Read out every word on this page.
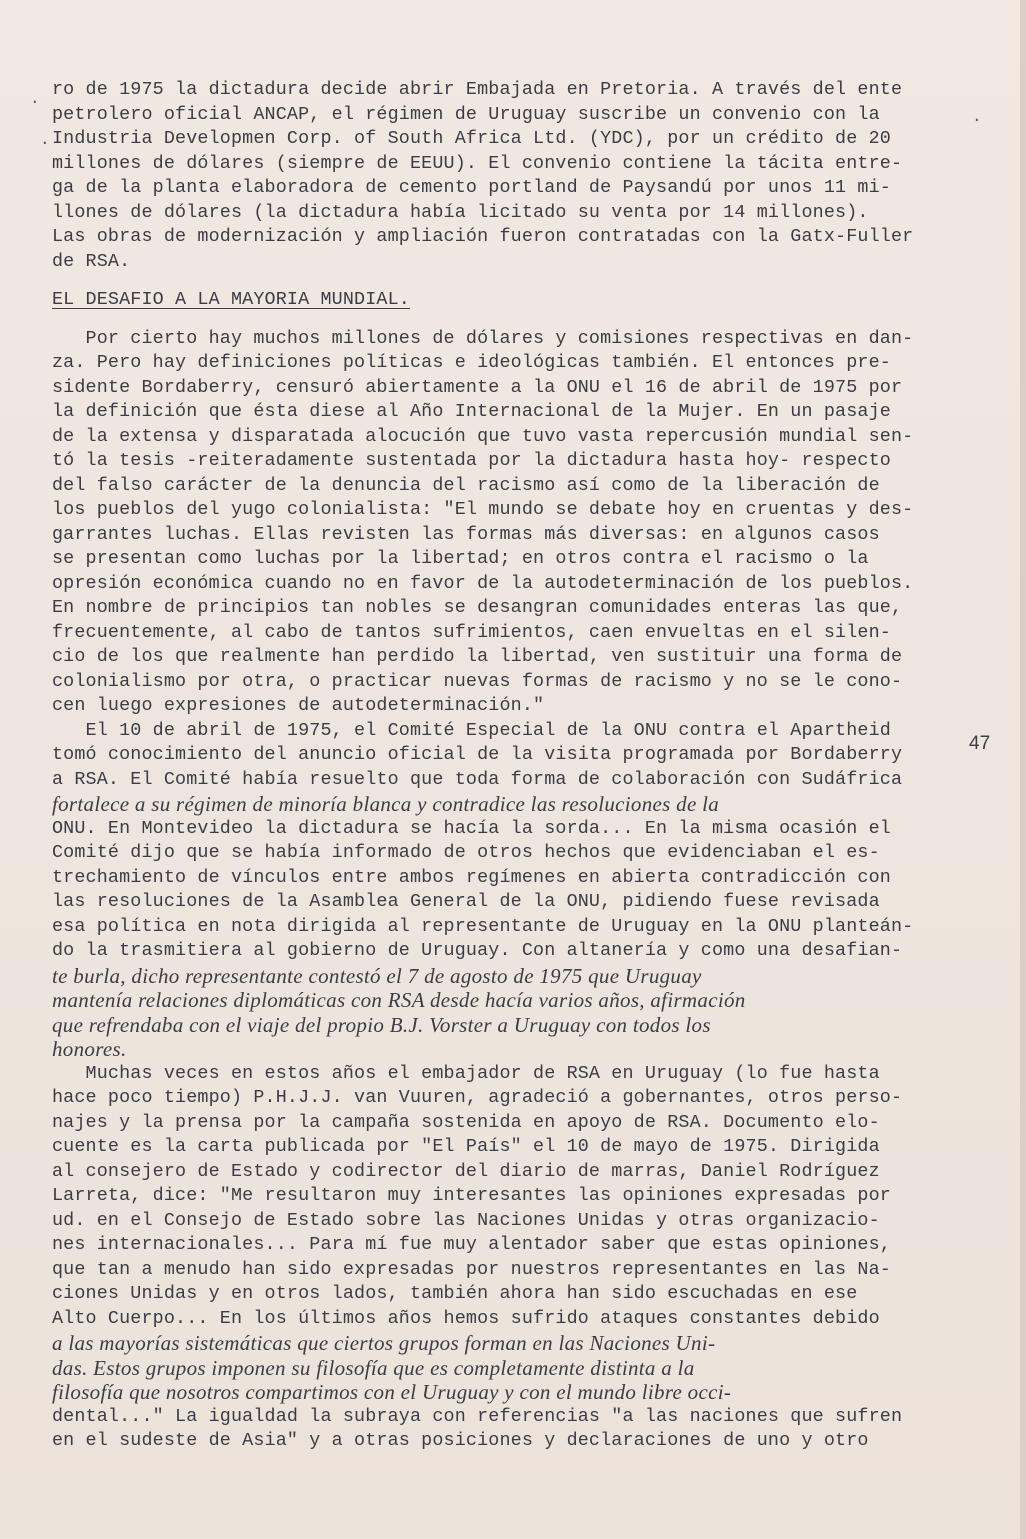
.
·
.
47
ro de 1975 la dictadura decide abrir Embajada en Pretoria. A través del ente
petrolero oficial ANCAP, el régimen de Uruguay suscribe un convenio con la
Industria Developmen Corp. of South Africa Ltd. (YDC), por un crédito de 20
millones de dólares (siempre de EEUU). El convenio contiene la tácita entre-
ga de la planta elaboradora de cemento portland de Paysandú por unos 11 mi-
llones de dólares (la dictadura había licitado su venta por 14 millones).
Las obras de modernización y ampliación fueron contratadas con la Gatx-Fuller
de RSA.
EL DESAFIO A LA MAYORIA MUNDIAL.
Por cierto hay muchos millones de dólares y comisiones respectivas en dan-
za. Pero hay definiciones políticas e ideológicas también. El entonces pre-
sidente Bordaberry, censuró abiertamente a la ONU el 16 de abril de 1975 por
la definición que ésta diese al Año Internacional de la Mujer. En un pasaje
de la extensa y disparatada alocución que tuvo vasta repercusión mundial sen-
tó la tesis -reiteradamente sustentada por la dictadura hasta hoy- respecto
del falso carácter de la denuncia del racismo así como de la liberación de
los pueblos del yugo colonialista: "El mundo se debate hoy en cruentas y des-
garrantes luchas. Ellas revisten las formas más diversas: en algunos casos
se presentan como luchas por la libertad; en otros contra el racismo o la
opresión económica cuando no en favor de la autodeterminación de los pueblos.
En nombre de principios tan nobles se desangran comunidades enteras las que,
frecuentemente, al cabo de tantos sufrimientos, caen envueltas en el silen-
cio de los que realmente han perdido la libertad, ven sustituir una forma de
colonialismo por otra, o practicar nuevas formas de racismo y no se le cono-
cen luego expresiones de autodeterminación."
El 10 de abril de 1975, el Comité Especial de la ONU contra el Apartheid
tomó conocimiento del anuncio oficial de la visita programada por Bordaberry
a RSA. El Comité había resuelto que toda forma de colaboración con Sudáfrica
fortalece a su régimen de minoría blanca y contradice las resoluciones de la
ONU. En Montevideo la dictadura se hacía la sorda... En la misma ocasión el
Comité dijo que se había informado de otros hechos que evidenciaban el es-
trechamiento de vínculos entre ambos regímenes en abierta contradicción con
las resoluciones de la Asamblea General de la ONU, pidiendo fuese revisada
esa política en nota dirigida al representante de Uruguay en la ONU planteán-
do la trasmitiera al gobierno de Uruguay. Con altanería y como una desafian-
te burla, dicho representante contestó el 7 de agosto de 1975 que Uruguay
mantenía relaciones diplomáticas con RSA desde hacía varios años, afirmación
que refrendaba con el viaje del propio B.J. Vorster a Uruguay con todos los
honores.
Muchas veces en estos años el embajador de RSA en Uruguay (lo fue hasta
hace poco tiempo) P.H.J.J. van Vuuren, agradeció a gobernantes, otros perso-
najes y la prensa por la campaña sostenida en apoyo de RSA. Documento elo-
cuente es la carta publicada por "El País" el 10 de mayo de 1975. Dirigida
al consejero de Estado y codirector del diario de marras, Daniel Rodríguez
Larreta, dice: "Me resultaron muy interesantes las opiniones expresadas por
ud. en el Consejo de Estado sobre las Naciones Unidas y otras organizacio-
nes internacionales... Para mí fue muy alentador saber que estas opiniones,
que tan a menudo han sido expresadas por nuestros representantes en las Na-
ciones Unidas y en otros lados, también ahora han sido escuchadas en ese
Alto Cuerpo... En los últimos años hemos sufrido ataques constantes debido
a las mayorías sistemáticas que ciertos grupos forman en las Naciones Uni-
das. Estos grupos imponen su filosofía que es completamente distinta a la
filosofía que nosotros compartimos con el Uruguay y con el mundo libre occi-
dental..." La igualdad la subraya con referencias "a las naciones que sufren
en el sudeste de Asia" y a otras posiciones y declaraciones de uno y otro
